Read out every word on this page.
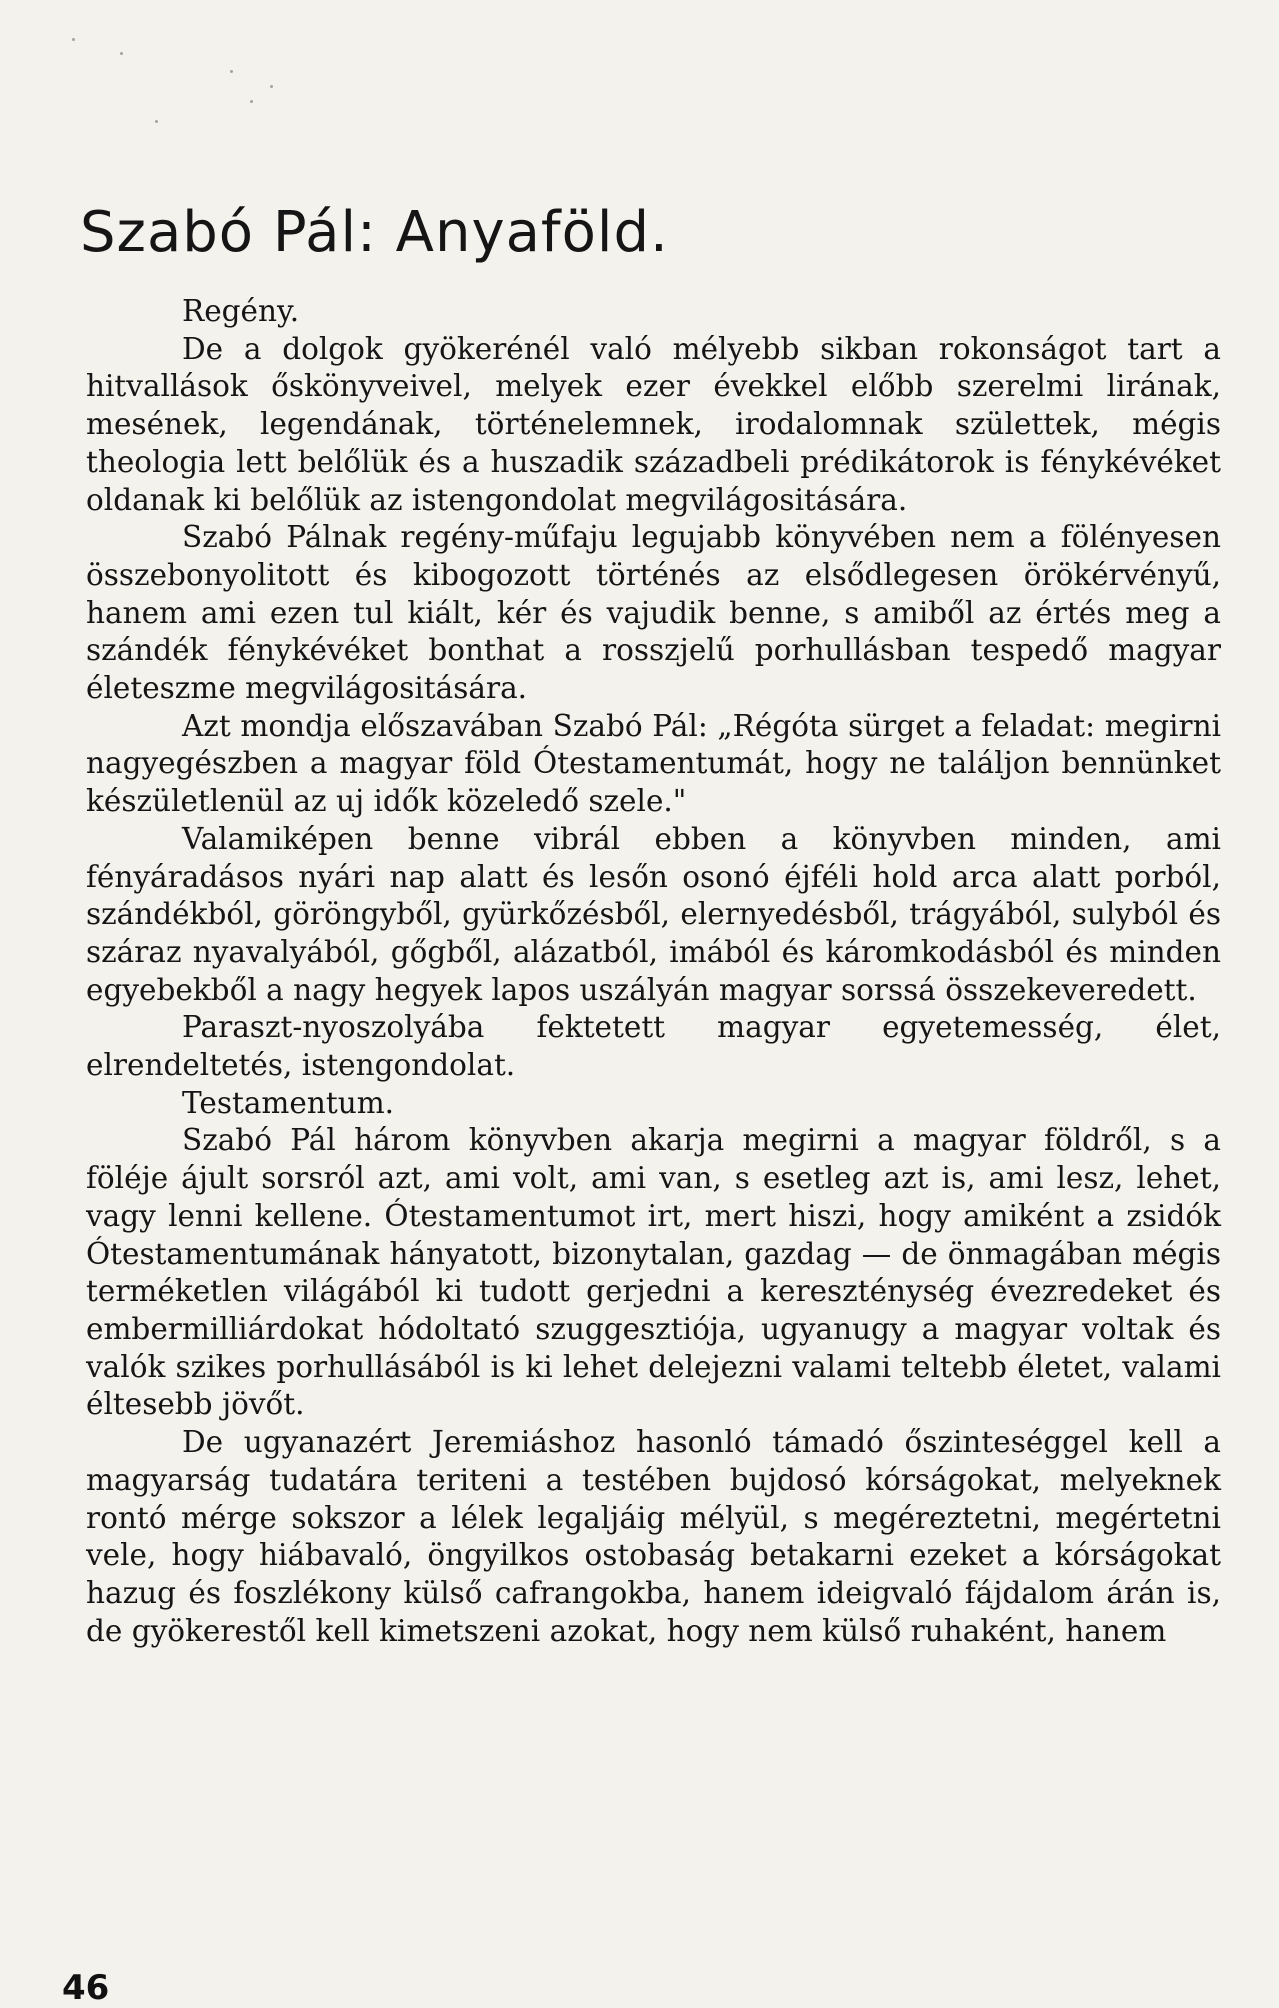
Szabó Pál: Anyaföld.

Regény.

De a dolgok gyökerénél való mélyebb sikban rokonságot tart a hitvallások őskönyveivel, melyek ezer évekkel előbb szerelmi lirának, mesének, legendának, történelemnek, irodalomnak születtek, mégis theologia lett belőlük és a huszadik századbeli prédikátorok is fénykévéket oldanak ki belőlük az istengondolat megvilágositására.

Szabó Pálnak regény-műfaju legujabb könyvében nem a fölényesen összebonyolitott és kibogozott történés az elsődlegesen örökérvényű, hanem ami ezen tul kiált, kér és vajudik benne, s amiből az értés meg a szándék fénykévéket bonthat a rosszjelű porhullásban tespedő magyar életeszme megvilágositására.

Azt mondja előszavában Szabó Pál: „Régóta sürget a feladat: megirni nagyegészben a magyar föld Ótestamentumát, hogy ne találjon bennünket készületlenül az uj idők közeledő szele."

Valamiképen benne vibrál ebben a könyvben minden, ami fényáradásos nyári nap alatt és lesőn osonó éjféli hold arca alatt porból, szándékból, göröngyből, gyürkőzésből, elernyedésből, trágyából, sulyból és száraz nyavalyából, gőgből, alázatból, imából és káromkodásból és minden egyebekből a nagy hegyek lapos uszályán magyar sorssá összekeveredett.

Paraszt-nyoszolyába fektetett magyar egyetemesség, élet, elrendeltetés, istengondolat.

Testamentum.

Szabó Pál három könyvben akarja megirni a magyar földről, s a föléje ájult sorsról azt, ami volt, ami van, s esetleg azt is, ami lesz, lehet, vagy lenni kellene. Ótestamentumot irt, mert hiszi, hogy amiként a zsidók Ótestamentumának hányatott, bizonytalan, gazdag — de önmagában mégis terméketlen világából ki tudott gerjedni a kereszténység évezredeket és embermilliárdokat hódoltató szuggesztiója, ugyanugy a magyar voltak és valók szikes porhullásából is ki lehet delejezni valami teltebb életet, valami éltesebb jövőt.

De ugyanazért Jeremiáshoz hasonló támadó őszinteséggel kell a magyarság tudatára teriteni a testében bujdosó kórságokat, melyeknek rontó mérge sokszor a lélek legaljáig mélyül, s megéreztetni, megértetni vele, hogy hiábavaló, öngyilkos ostobaság betakarni ezeket a kórságokat hazug és foszlékony külső cafrangokba, hanem ideigvaló fájdalom árán is, de gyökerestől kell kimetszeni azokat, hogy nem külső ruhaként, hanem

46
